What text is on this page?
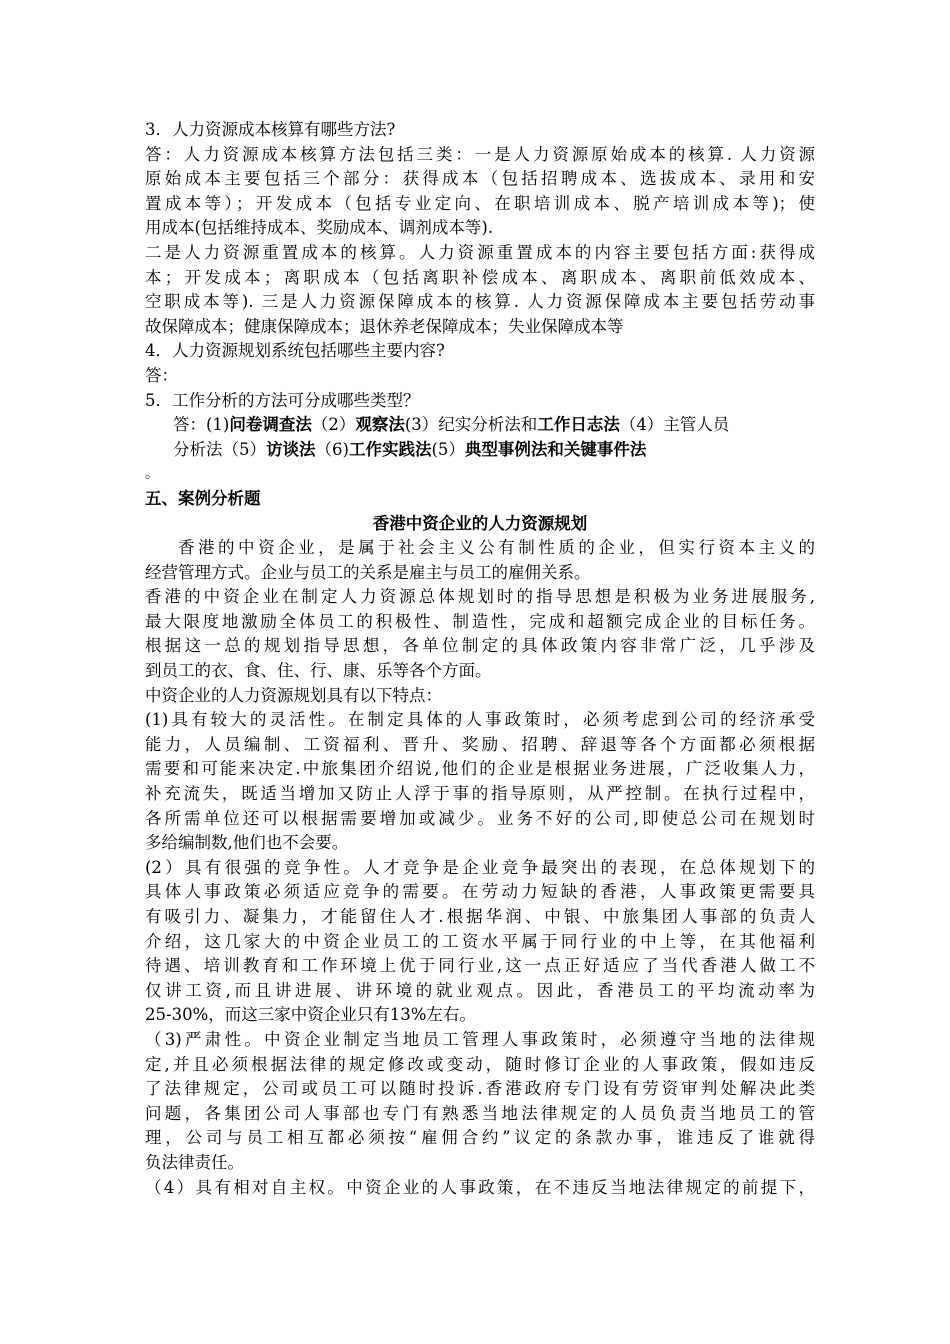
3．人力资源成本核算有哪些方法?
答：人力资源成本核算方法包括三类：一是人力资源原始成本的核算. 人力资源
原始成本主要包括三个部分：获得成本（包括招聘成本、选拔成本、录用和安
置成本等）；开发成本（包括专业定向、在职培训成本、脱产培训成本等)；使
用成本(包括维持成本、奖励成本、调剂成本等).
二是人力资源重置成本的核算。人力资源重置成本的内容主要包括方面:获得成
本；开发成本；离职成本（包括离职补偿成本、离职成本、离职前低效成本、
空职成本等). 三是人力资源保障成本的核算. 人力资源保障成本主要包括劳动事
故保障成本；健康保障成本；退休养老保障成本；失业保障成本等
4．人力资源规划系统包括哪些主要内容?
答：
5．工作分析的方法可分成哪些类型？
答：(1)问卷调查法（2）观察法(3）纪实分析法和工作日志法（4）主管人员
分析法（5）访谈法（6)工作实践法(5）典型事例法和关键事件法
。
五、案例分析题
香港中资企业的人力资源规划
香港的中资企业，是属于社会主义公有制性质的企业，但实行资本主义的
经营管理方式。企业与员工的关系是雇主与员工的雇佣关系。
香港的中资企业在制定人力资源总体规划时的指导思想是积极为业务进展服务,
最大限度地激励全体员工的积极性、制造性，完成和超额完成企业的目标任务。
根据这一总的规划指导思想，各单位制定的具体政策内容非常广泛，几乎涉及
到员工的衣、食、住、行、康、乐等各个方面。
中资企业的人力资源规划具有以下特点：
(1)具有较大的灵活性。在制定具体的人事政策时，必须考虑到公司的经济承受
能力，人员编制、工资福利、晋升、奖励、招聘、辞退等各个方面都必须根据
需要和可能来决定.中旅集团介绍说,他们的企业是根据业务进展，广泛收集人力，
补充流失，既适当增加又防止人浮于事的指导原则，从严控制。在执行过程中，
各所需单位还可以根据需要增加或减少。业务不好的公司,即使总公司在规划时
多给编制数,他们也不会要。
(2）具有很强的竞争性。人才竞争是企业竞争最突出的表现，在总体规划下的
具体人事政策必须适应竞争的需要。在劳动力短缺的香港，人事政策更需要具
有吸引力、凝集力，才能留住人才.根据华润、中银、中旅集团人事部的负责人
介绍，这几家大的中资企业员工的工资水平属于同行业的中上等，在其他福利
待遇、培训教育和工作环境上优于同行业,这一点正好适应了当代香港人做工不
仅讲工资,而且讲进展、讲环境的就业观点。因此，香港员工的平均流动率为
25-30%，而这三家中资企业只有13%左右。
（3)严肃性。中资企业制定当地员工管理人事政策时，必须遵守当地的法律规
定,并且必须根据法律的规定修改或变动，随时修订企业的人事政策，假如违反
了法律规定，公司或员工可以随时投诉.香港政府专门设有劳资审判处解决此类
问题，各集团公司人事部也专门有熟悉当地法律规定的人员负责当地员工的管
理，公司与员工相互都必须按“雇佣合约”议定的条款办事，谁违反了谁就得
负法律责任。
（4）具有相对自主权。中资企业的人事政策，在不违反当地法律规定的前提下，
